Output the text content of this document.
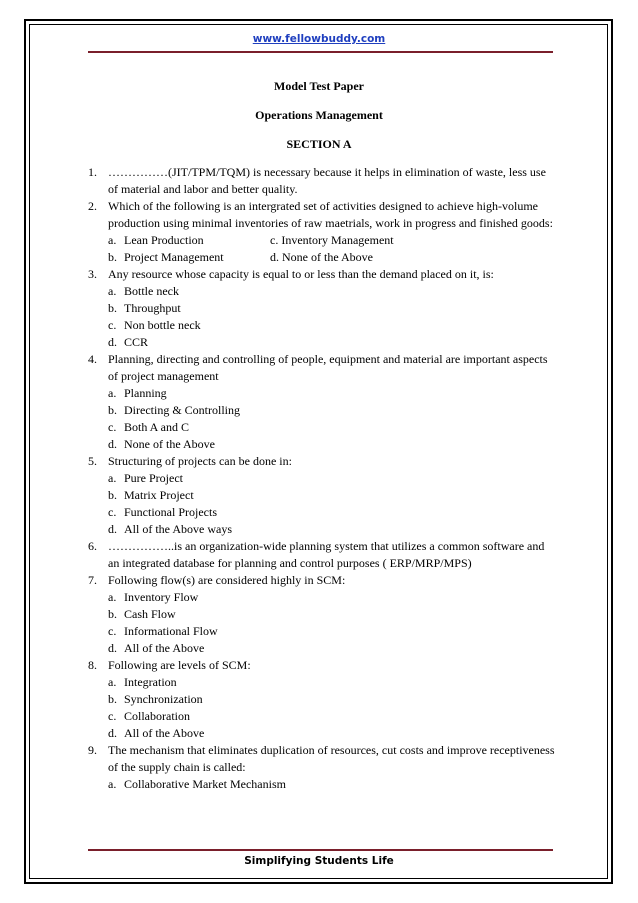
www.fellowbuddy.com
Model Test Paper
Operations Management
SECTION A
1. ……………(JIT/TPM/TQM) is necessary because it helps in elimination of waste, less use of material and labor and better quality.
2. Which of the following is an intergrated set of activities designed to achieve high-volume production using minimal inventories of raw maetrials, work in progress and finished goods:
a. Lean Production	c. Inventory Management
b. Project Management	d. None of the Above
3. Any resource whose capacity is equal to or less than the demand placed on it, is:
a. Bottle neck
b. Throughput
c. Non bottle neck
d. CCR
4. Planning, directing and controlling of people, equipment and material are important aspects of project management
a. Planning
b. Directing & Controlling
c. Both A and C
d. None of the Above
5. Structuring of projects can be done in:
a. Pure Project
b. Matrix Project
c. Functional Projects
d. All of the Above ways
6. ……………..is an organization-wide planning system that utilizes a common software and an integrated database for planning and control purposes ( ERP/MRP/MPS)
7. Following flow(s) are considered highly in SCM:
a. Inventory Flow
b. Cash Flow
c. Informational Flow
d. All of the Above
8. Following are levels of SCM:
a. Integration
b. Synchronization
c. Collaboration
d. All of the Above
9. The mechanism that eliminates duplication of resources, cut costs and improve receptiveness of the supply chain is called:
a. Collaborative Market Mechanism
Simplifying Students Life
